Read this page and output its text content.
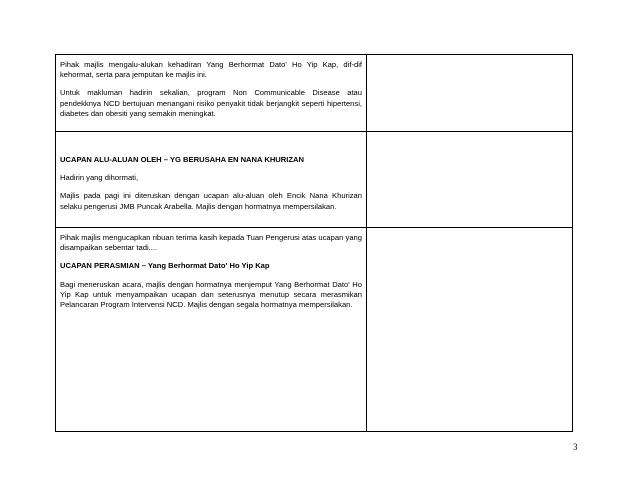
Pihak majlis mengalu-alukan kehadiran Yang Berhormat Dato' Ho Yip Kap, dif-dif kehormat, serta para jemputan ke majlis ini.

Untuk makluman hadirin sekalian, program Non Communicable Disease atau pendekknya NCD bertujuan menangani risiko penyakit tidak berjangkit seperti hipertensi, diabetes dan obesiti yang semakin meningkat.

UCAPAN ALU-ALUAN OLEH – YG BERUSAHA EN NANA KHURIZAN

Hadirin yang dihormati,

Majlis pada pagi ini diteruskan dengan ucapan alu-aluan oleh Encik Nana Khurizan selaku pengerusi JMB Puncak Arabella. Majlis dengan hormatnya mempersilakan.

Pihak majlis mengucapkan ribuan terima kasih kepada Tuan Pengerusi atas ucapan yang disampaikan sebentar tadi....

UCAPAN PERASMIAN – Yang Berhormat Dato' Ho Yip Kap

Bagi meneruskan acara, majlis dengan hormatnya menjemput Yang Berhormat Dato' Ho Yip Kap untuk menyampaikan ucapan dan seterusnya menutup secara merasmikan Pelancaran Program Intervensi NCD. Majlis dengan segala hormatnya mempersilakan.

3
